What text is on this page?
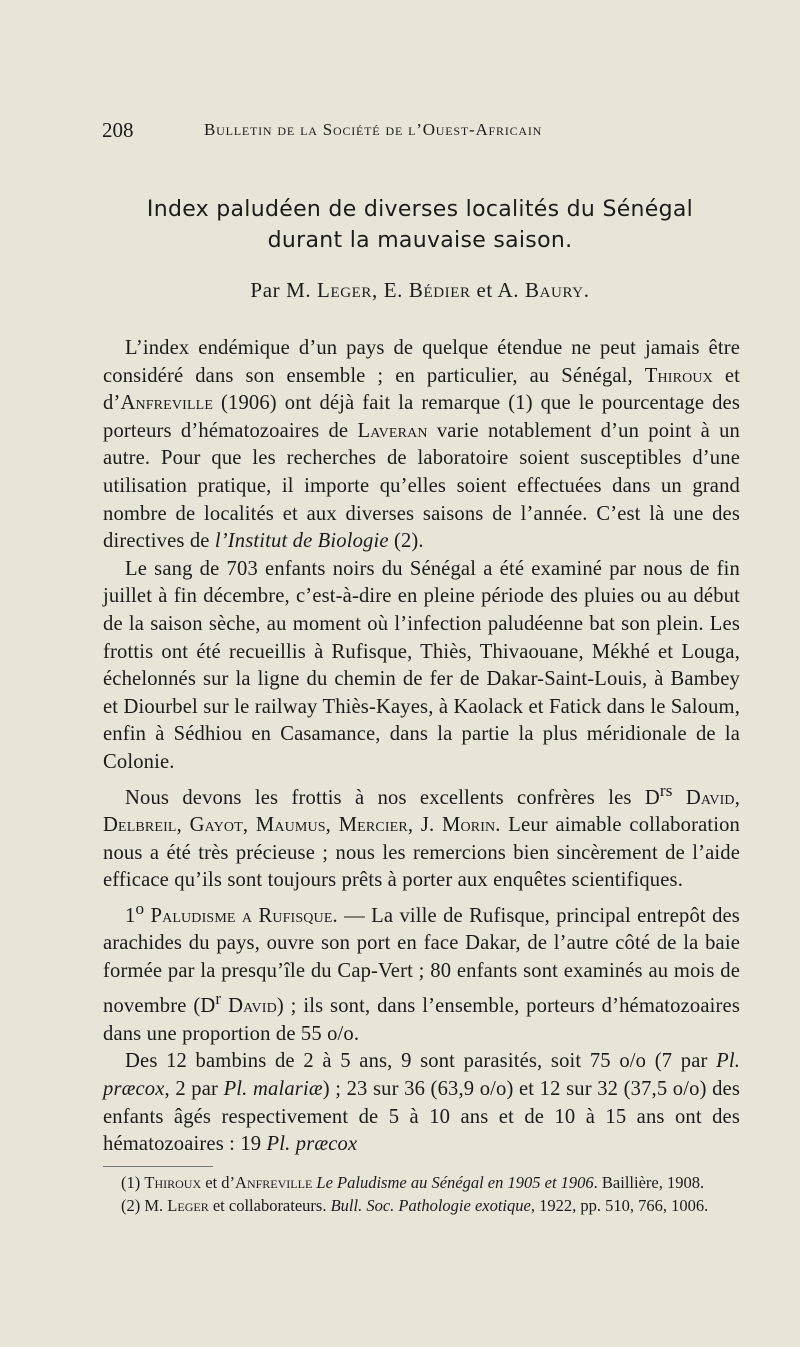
208	Bulletin de la Société de l’Ouest-Africain
Index paludéen de diverses localités du Sénégal
durant la mauvaise saison.
Par M. Leger, E. Bédier et A. Baury.

L’index endémique d’un pays de quelque étendue ne peut jamais être considéré dans son ensemble ; en particulier, au Sénégal, Thiroux et d’Anfreville (1906) ont déjà fait la remarque (1) que le pourcentage des porteurs d’hématozoaires de Laveran varie notablement d’un point à un autre. Pour que les recherches de laboratoire soient susceptibles d’une utilisation pratique, il importe qu’elles soient effectuées dans un grand nombre de localités et aux diverses saisons de l’année. C’est là une des directives de l’Institut de Biologie (2).

Le sang de 703 enfants noirs du Sénégal a été examiné par nous de fin juillet à fin décembre, c’est-à-dire en pleine période des pluies ou au début de la saison sèche, au moment où l’infection paludéenne bat son plein. Les frottis ont été recueillis à Rufisque, Thiès, Thivaouane, Mékhé et Louga, échelonnés sur la ligne du chemin de fer de Dakar-Saint-Louis, à Bambey et Diourbel sur le railway Thiès-Kayes, à Kaolack et Fatick dans le Saloum, enfin à Sédhiou en Casamance, dans la partie la plus méridionale de la Colonie.

Nous devons les frottis à nos excellents confrères les $D^{rs}$ David, Delbreil, Gayot, Maumus, Mercier, J. Morin. Leur aimable collaboration nous a été très précieuse ; nous les remercions bien sincèrement de l’aide efficace qu’ils sont toujours prêts à porter aux enquêtes scientifiques.

1$^o$ Paludisme a Rufisque. — La ville de Rufisque, principal entrepôt des arachides du pays, ouvre son port en face Dakar, de l’autre côté de la baie formée par la presqu’île du Cap-Vert ; 80 enfants sont examinés au mois de novembre ($D^r$ David) ; ils sont, dans l’ensemble, porteurs d’hématozoaires dans une proportion de 55 o/o.

Des 12 bambins de 2 à 5 ans, 9 sont parasités, soit 75 o/o (7 par Pl. præcox, 2 par Pl. malariæ) ; 23 sur 36 (63,9 o/o) et 12 sur 32 (37,5 o/o) des enfants âgés respectivement de 5 à 10 ans et de 10 à 15 ans ont des hématozoaires : 19 Pl. præcox

(1) Thiroux et d’Anfreville Le Paludisme au Sénégal en 1905 et 1906. Baillière, 1908.

(2) M. Leger et collaborateurs. Bull. Soc. Pathologie exotique, 1922, pp. 510, 766, 1006.
